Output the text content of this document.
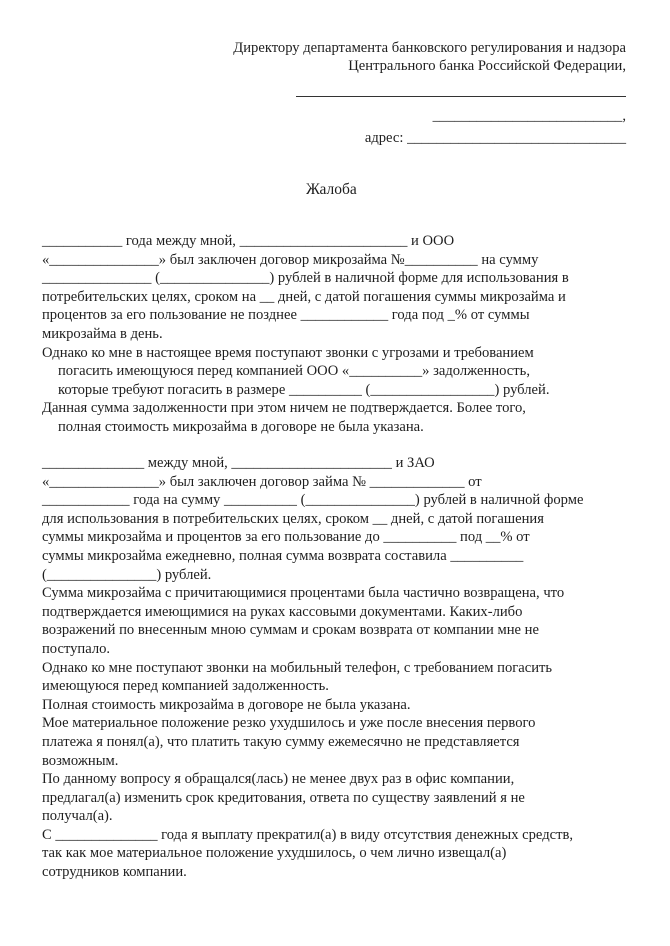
Директору департамента банковского регулирования и надзора
Центрального банка Российской Федерации,
__________________________,
адрес: ______________________________
Жалоба

___________ года между мной, _______________________ и ООО

«_______________» был заключен договор микрозайма №__________ на сумму

_______________ (_______________) рублей в наличной форме для использования в

потребительских целях, сроком на __ дней, с датой погашения суммы микрозайма и

процентов за его пользование не позднее ____________ года под _% от суммы

микрозайма в день.

Однако ко мне в настоящее время поступают звонки с угрозами и требованием

погасить имеющуюся перед компанией ООО «__________» задолженность,

которые требуют погасить в размере __________ (_________________) рублей.

Данная сумма задолженности при этом ничем не подтверждается. Более того,

полная стоимость микрозайма в договоре не была указана.

______________ между мной, ______________________ и ЗАО

«_______________» был заключен договор займа № _____________ от

____________ года на сумму __________ (_______________) рублей в наличной форме

для использования в потребительских целях, сроком __ дней, с датой погашения

суммы микрозайма и процентов за его пользование до __________ под __% от

суммы микрозайма ежедневно, полная сумма возврата составила __________

(_______________) рублей.

Сумма микрозайма с причитающимися процентами была частично возвращена, что

подтверждается имеющимися на руках кассовыми документами. Каких-либо

возражений по внесенным мною суммам и срокам возврата от компании мне не

поступало.

Однако ко мне поступают звонки на мобильный телефон, с требованием погасить

имеющуюся перед компанией задолженность.

Полная стоимость микрозайма в договоре не была указана.

Мое материальное положение резко ухудшилось и уже после внесения первого

платежа я понял(а), что платить такую сумму ежемесячно не представляется

возможным.

По данному вопросу я обращался(лась) не менее двух раз в офис компании,

предлагал(а) изменить срок кредитования, ответа по существу заявлений я не

получал(а).

С ______________ года я выплату прекратил(а) в виду отсутствия денежных средств,

так как мое материальное положение ухудшилось, о чем лично извещал(а)

сотрудников компании.
